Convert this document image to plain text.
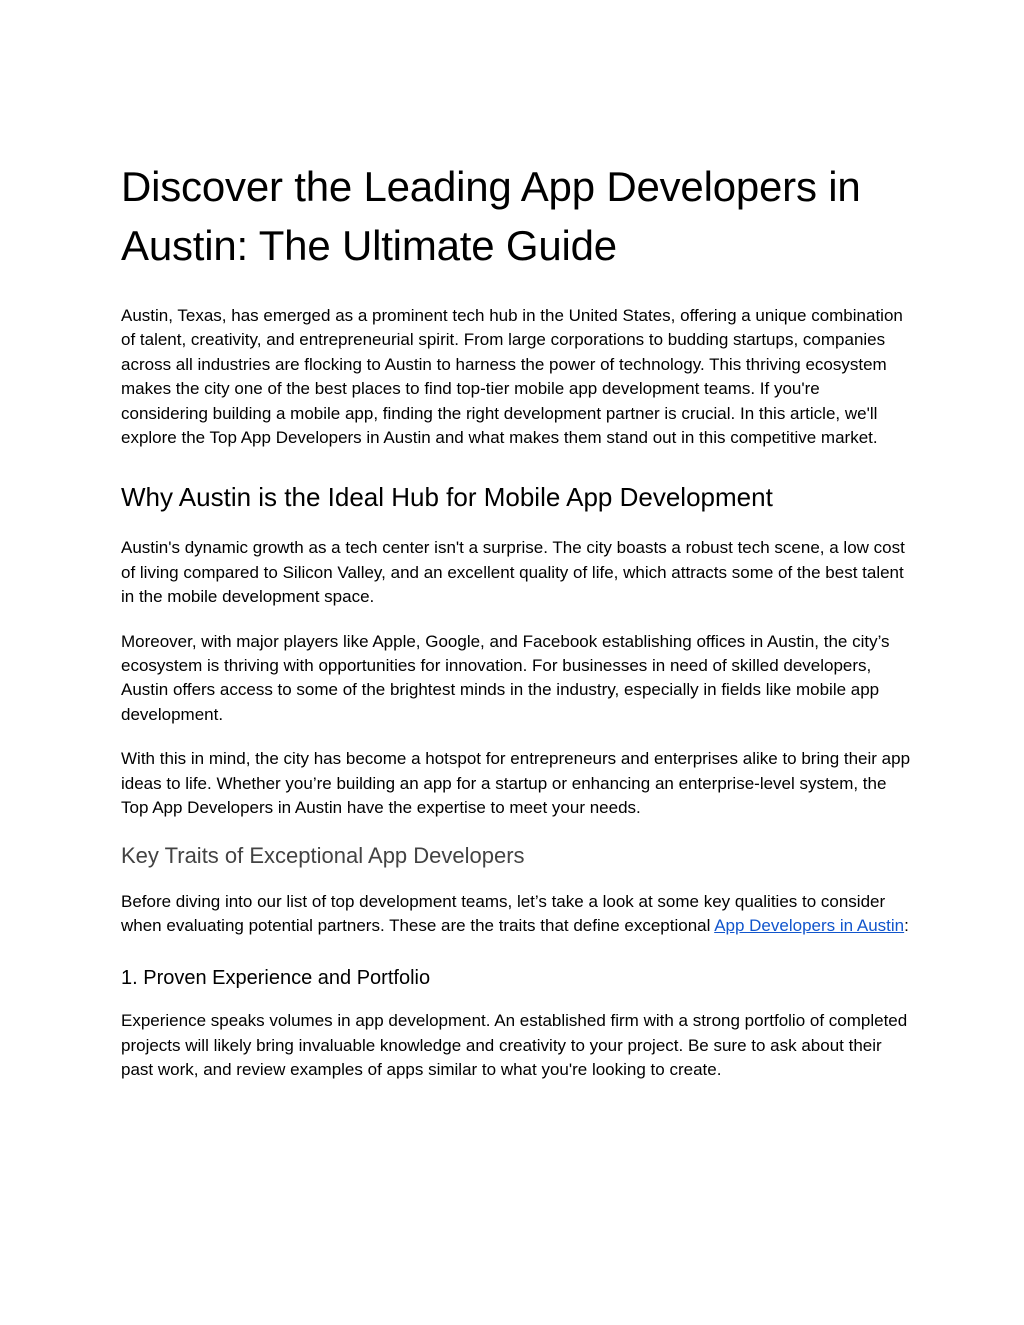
Discover the Leading App Developers in Austin: The Ultimate Guide

Austin, Texas, has emerged as a prominent tech hub in the United States, offering a unique combination of talent, creativity, and entrepreneurial spirit. From large corporations to budding startups, companies across all industries are flocking to Austin to harness the power of technology. This thriving ecosystem makes the city one of the best places to find top-tier mobile app development teams. If you're considering building a mobile app, finding the right development partner is crucial. In this article, we'll explore the Top App Developers in Austin and what makes them stand out in this competitive market.

Why Austin is the Ideal Hub for Mobile App Development

Austin's dynamic growth as a tech center isn't a surprise. The city boasts a robust tech scene, a low cost of living compared to Silicon Valley, and an excellent quality of life, which attracts some of the best talent in the mobile development space.

Moreover, with major players like Apple, Google, and Facebook establishing offices in Austin, the city’s ecosystem is thriving with opportunities for innovation. For businesses in need of skilled developers, Austin offers access to some of the brightest minds in the industry, especially in fields like mobile app development.

With this in mind, the city has become a hotspot for entrepreneurs and enterprises alike to bring their app ideas to life. Whether you’re building an app for a startup or enhancing an enterprise-level system, the Top App Developers in Austin have the expertise to meet your needs.

Key Traits of Exceptional App Developers

Before diving into our list of top development teams, let’s take a look at some key qualities to consider when evaluating potential partners. These are the traits that define exceptional App Developers in Austin:

1. Proven Experience and Portfolio

Experience speaks volumes in app development. An established firm with a strong portfolio of completed projects will likely bring invaluable knowledge and creativity to your project. Be sure to ask about their past work, and review examples of apps similar to what you're looking to create.
